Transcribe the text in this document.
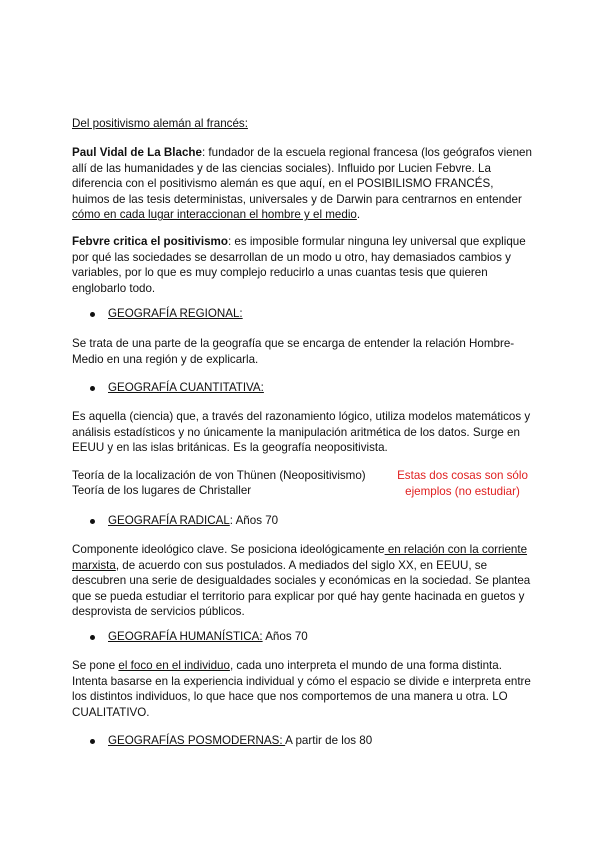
Del positivismo alemán al francés:
Paul Vidal de La Blache: fundador de la escuela regional francesa (los geógrafos vienen allí de las humanidades y de las ciencias sociales). Influido por Lucien Febvre. La diferencia con el positivismo alemán es que aquí, en el POSIBILISMO FRANCÉS, huimos de las tesis deterministas, universales y de Darwin para centrarnos en entender cómo en cada lugar interaccionan el hombre y el medio.
Febvre critica el positivismo: es imposible formular ninguna ley universal que explique por qué las sociedades se desarrollan de un modo u otro, hay demasiados cambios y variables, por lo que es muy complejo reducirlo a unas cuantas tesis que quieren englobarlo todo.
GEOGRAFÍA REGIONAL:
Se trata de una parte de la geografía que se encarga de entender la relación Hombre-Medio en una región y de explicarla.
GEOGRAFÍA CUANTITATIVA:
Es aquella (ciencia) que, a través del razonamiento lógico, utiliza modelos matemáticos y análisis estadísticos y no únicamente la manipulación aritmética de los datos. Surge en EEUU y en las islas británicas. Es la geografía neopositivista.
Teoría de la localización de von Thünen (Neopositivismo)
Teoría de los lugares de Christaller
Estas dos cosas son sólo ejemplos (no estudiar)
GEOGRAFÍA RADICAL: Años 70
Componente ideológico clave. Se posiciona ideológicamente en relación con la corriente marxista, de acuerdo con sus postulados. A mediados del siglo XX, en EEUU, se descubren una serie de desigualdades sociales y económicas en la sociedad. Se plantea que se pueda estudiar el territorio para explicar por qué hay gente hacinada en guetos y desprovista de servicios públicos.
GEOGRAFÍA HUMANÍSTICA: Años 70
Se pone el foco en el individuo, cada uno interpreta el mundo de una forma distinta. Intenta basarse en la experiencia individual y cómo el espacio se divide e interpreta entre los distintos individuos, lo que hace que nos comportemos de una manera u otra. LO CUALITATIVO.
GEOGRAFÍAS POSMODERNAS: A partir de los 80
